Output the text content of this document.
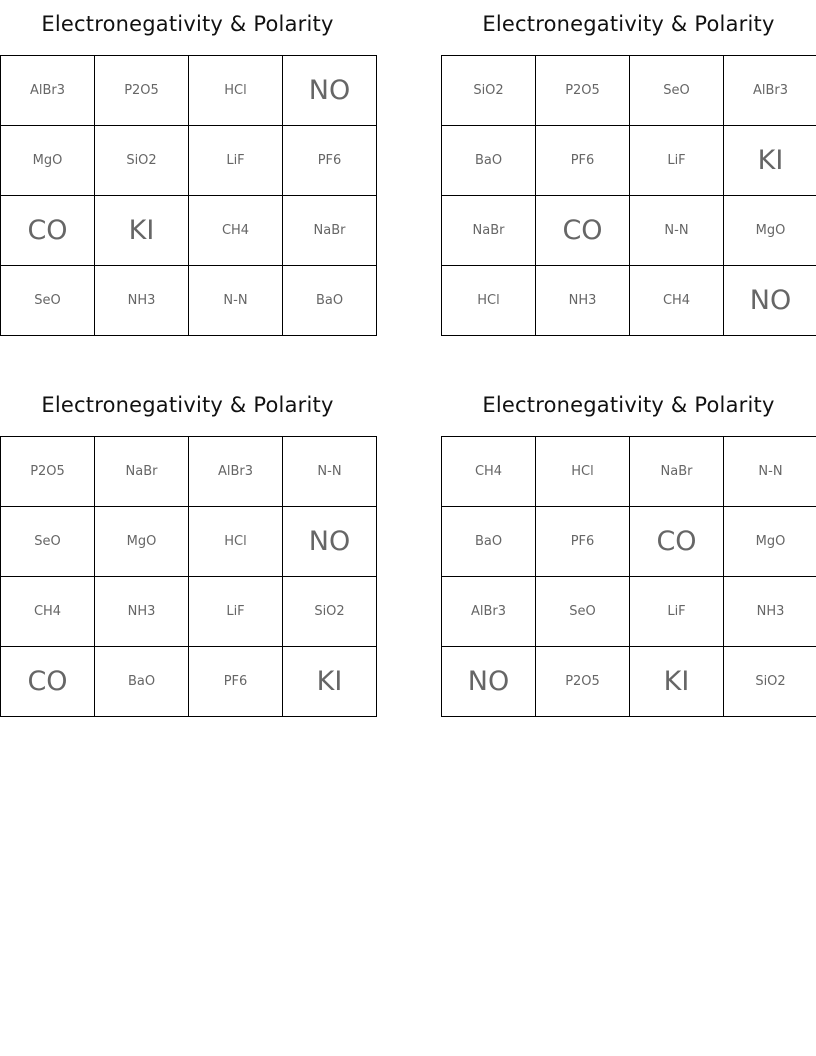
Electronegativity & Polarity
AlBr3	P2O5	HCl	NO
MgO	SiO2	LiF	PF6
CO	KI	CH4	NaBr
SeO	NH3	N-N	BaO
Electronegativity & Polarity
SiO2	P2O5	SeO	AlBr3
BaO	PF6	LiF	KI
NaBr	CO	N-N	MgO
HCl	NH3	CH4	NO
Electronegativity & Polarity
P2O5	NaBr	AlBr3	N-N
SeO	MgO	HCl	NO
CH4	NH3	LiF	SiO2
CO	BaO	PF6	KI
Electronegativity & Polarity
CH4	HCl	NaBr	N-N
BaO	PF6	CO	MgO
AlBr3	SeO	LiF	NH3
NO	P2O5	KI	SiO2
